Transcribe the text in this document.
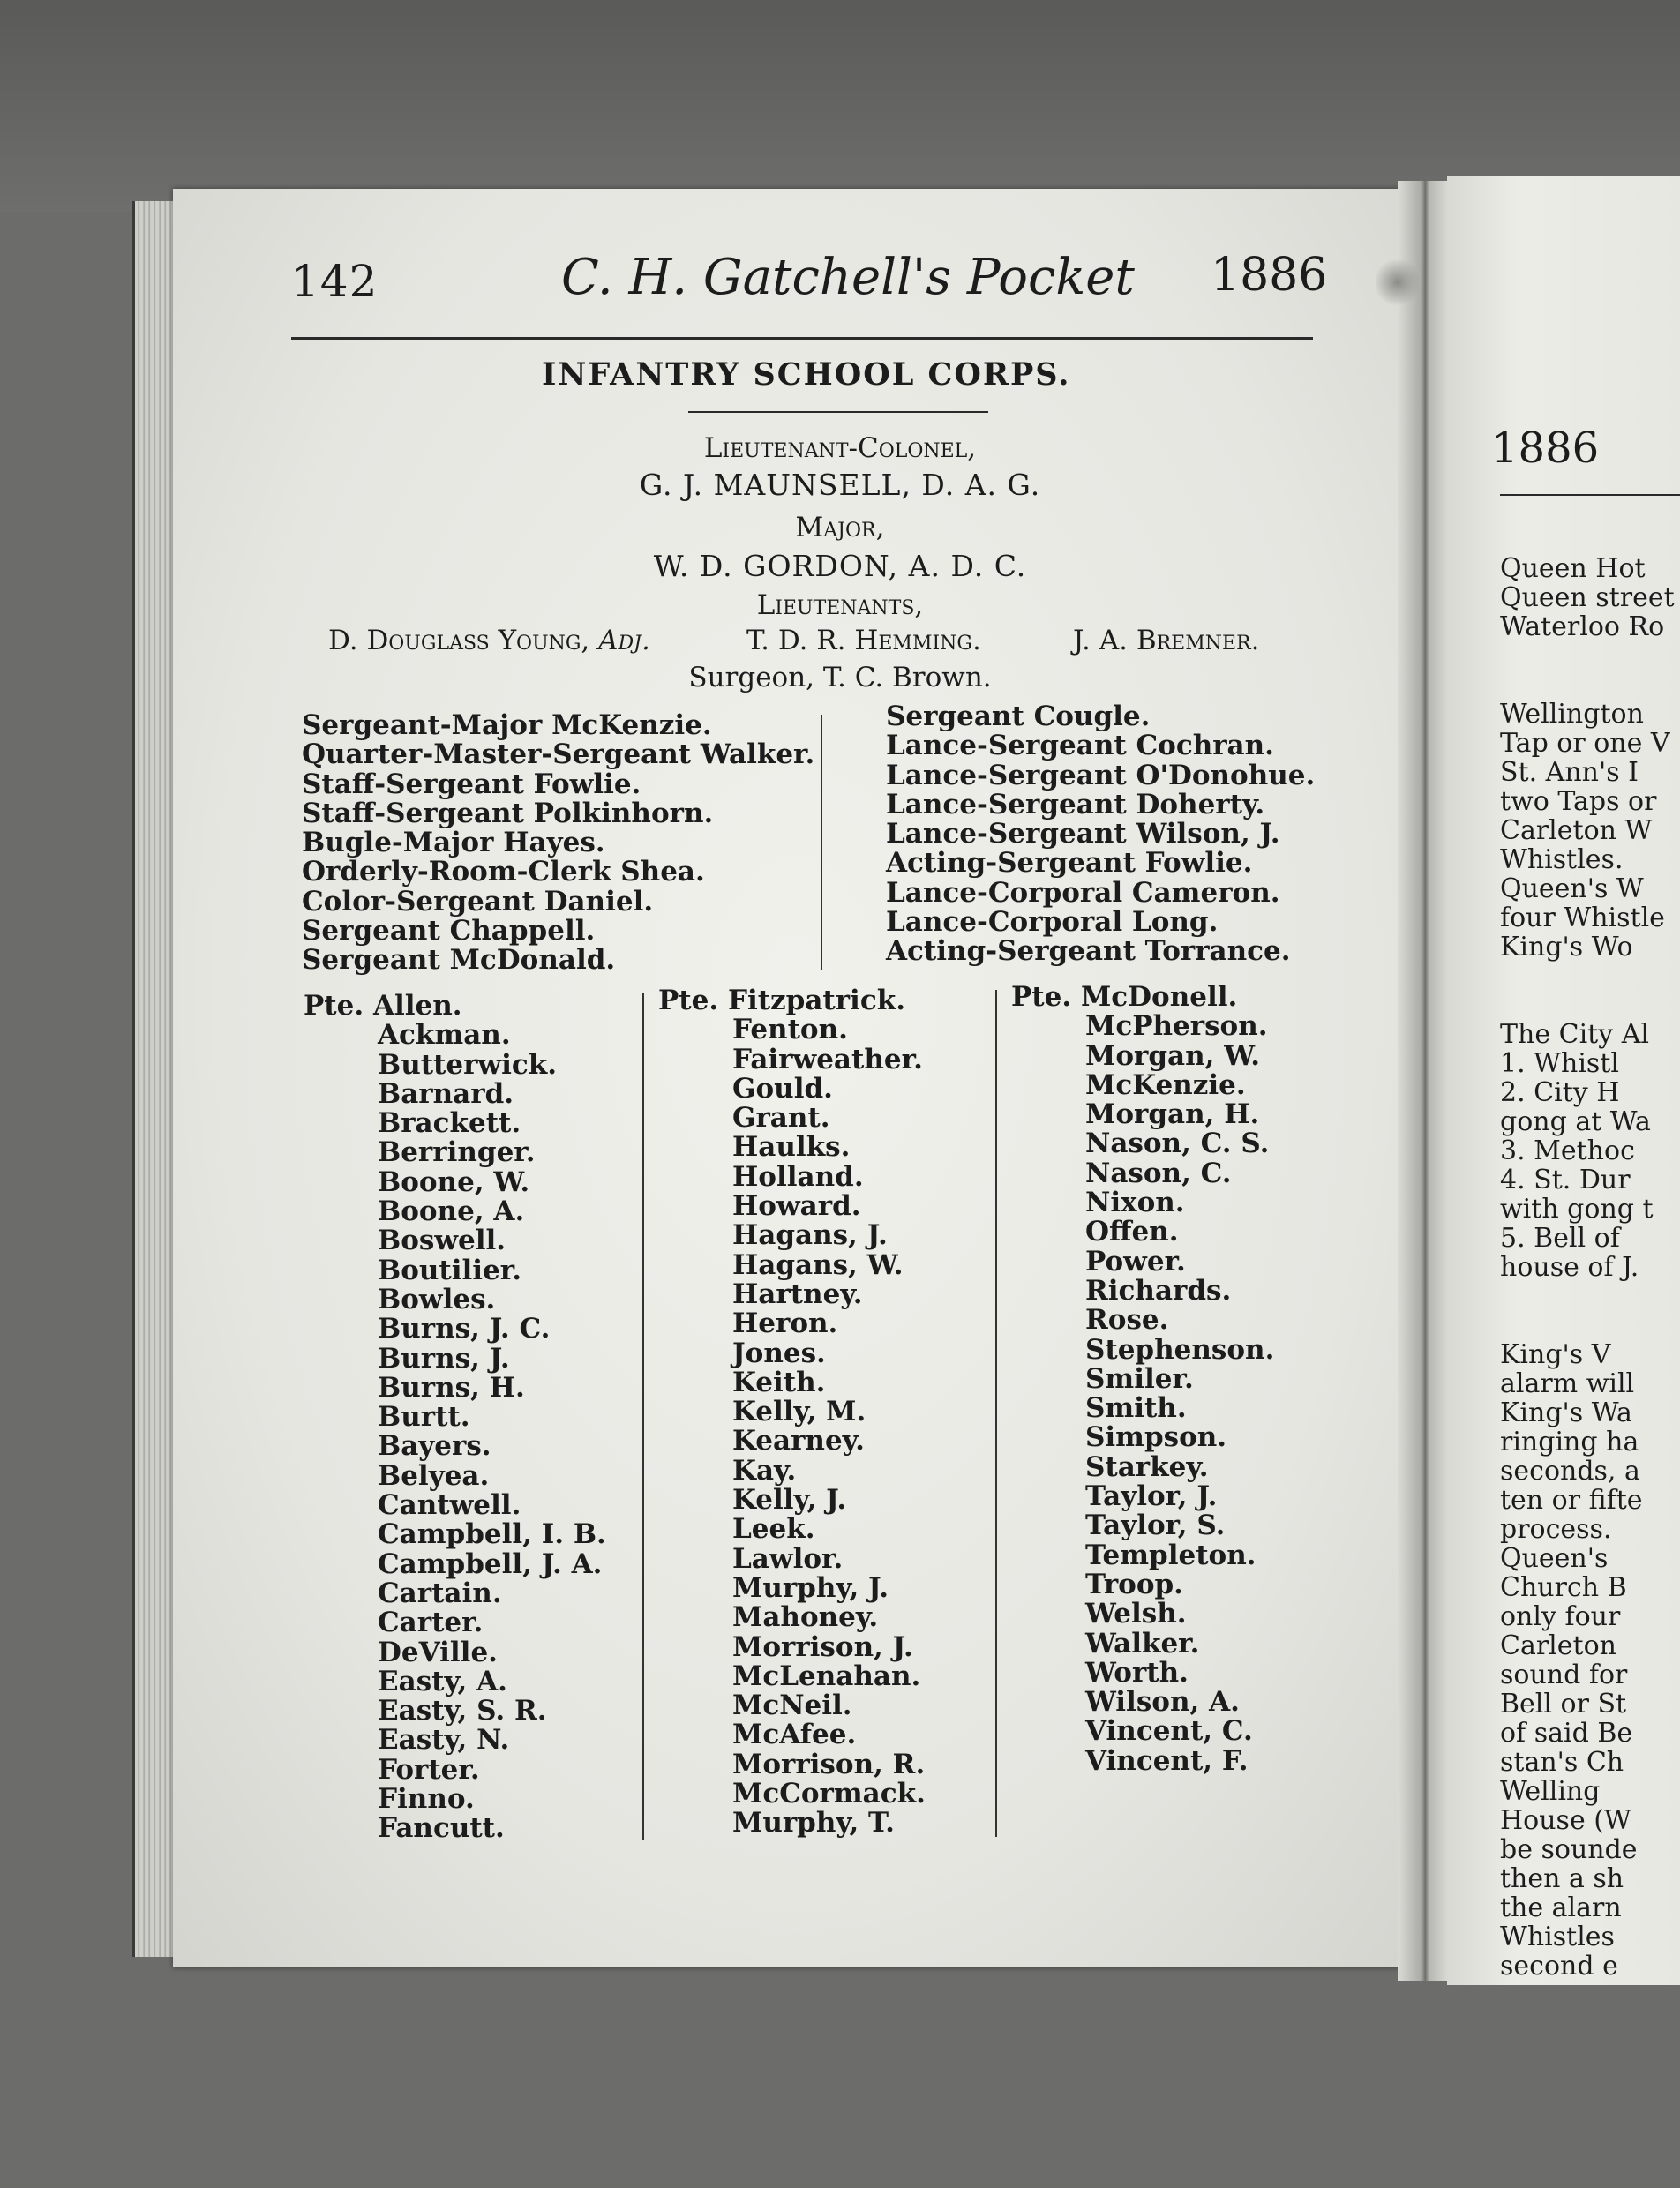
142	C. H. Gatchell's Pocket 1886
INFANTRY SCHOOL CORPS.
Lieutenant-Colonel,
G. J. MAUNSELL, D. A. G.
Major,
W. D. GORDON, A. D. C.
Lieutenants,
D. Douglass Young, Adj.	T. D. R. Hemming.	J. A. Bremner.
Surgeon, T. C. Brown.
Sergeant-Major McKenzie.
Quarter-Master-Sergeant Walker.
Staff-Sergeant Fowlie.
Staff-Sergeant Polkinhorn.
Bugle-Major Hayes.
Orderly-Room-Clerk Shea.
Color-Sergeant Daniel.
Sergeant Chappell.
Sergeant McDonald.
Sergeant Cougle.
Lance-Sergeant Cochran.
Lance-Sergeant O'Donohue.
Lance-Sergeant Doherty.
Lance-Sergeant Wilson, J.
Acting-Sergeant Fowlie.
Lance-Corporal Cameron.
Lance-Corporal Long.
Acting-Sergeant Torrance.
Pte. Allen.
Ackman.
Butterwick.
Barnard.
Brackett.
Berringer.
Boone, W.
Boone, A.
Boswell.
Boutilier.
Bowles.
Burns, J. C.
Burns, J.
Burns, H.
Burtt.
Bayers.
Belyea.
Cantwell.
Campbell, I. B.
Campbell, J. A.
Cartain.
Carter.
DeVille.
Easty, A.
Easty, S. R.
Easty, N.
Forter.
Finno.
Fancutt.
Pte. Fitzpatrick.
Fenton.
Fairweather.
Gould.
Grant.
Haulks.
Holland.
Howard.
Hagans, J.
Hagans, W.
Hartney.
Heron.
Jones.
Keith.
Kelly, M.
Kearney.
Kay.
Kelly, J.
Leek.
Lawlor.
Murphy, J.
Mahoney.
Morrison, J.
McLenahan.
McNeil.
McAfee.
Morrison, R.
McCormack.
Murphy, T.
Pte. McDonell.
McPherson.
Morgan, W.
McKenzie.
Morgan, H.
Nason, C. S.
Nason, C.
Nixon.
Offen.
Power.
Richards.
Rose.
Stephenson.
Smiler.
Smith.
Simpson.
Starkey.
Taylor, J.
Taylor, S.
Templeton.
Troop.
Welsh.
Walker.
Worth.
Wilson, A.
Vincent, C.
Vincent, F.
1886
Queen Hot
Queen street
Waterloo Ro
Wellington
Tap or one V
St. Ann's I
two Taps or
Carleton W
Whistles.
Queen's W
four Whistle
King's Wo
The City Al
1. Whistl
2. City H
gong at Wa
3. Methoc
4. St. Dur
with gong t
5. Bell of
house of J.
King's V
alarm will
King's Wa
ringing ha
seconds, a
ten or fifte
process.
Queen's
Church B
only four
Carleton
sound for
Bell or St
of said Be
stan's Ch
Welling
House (W
be sounde
then a sh
the alarn
Whistles
second e
